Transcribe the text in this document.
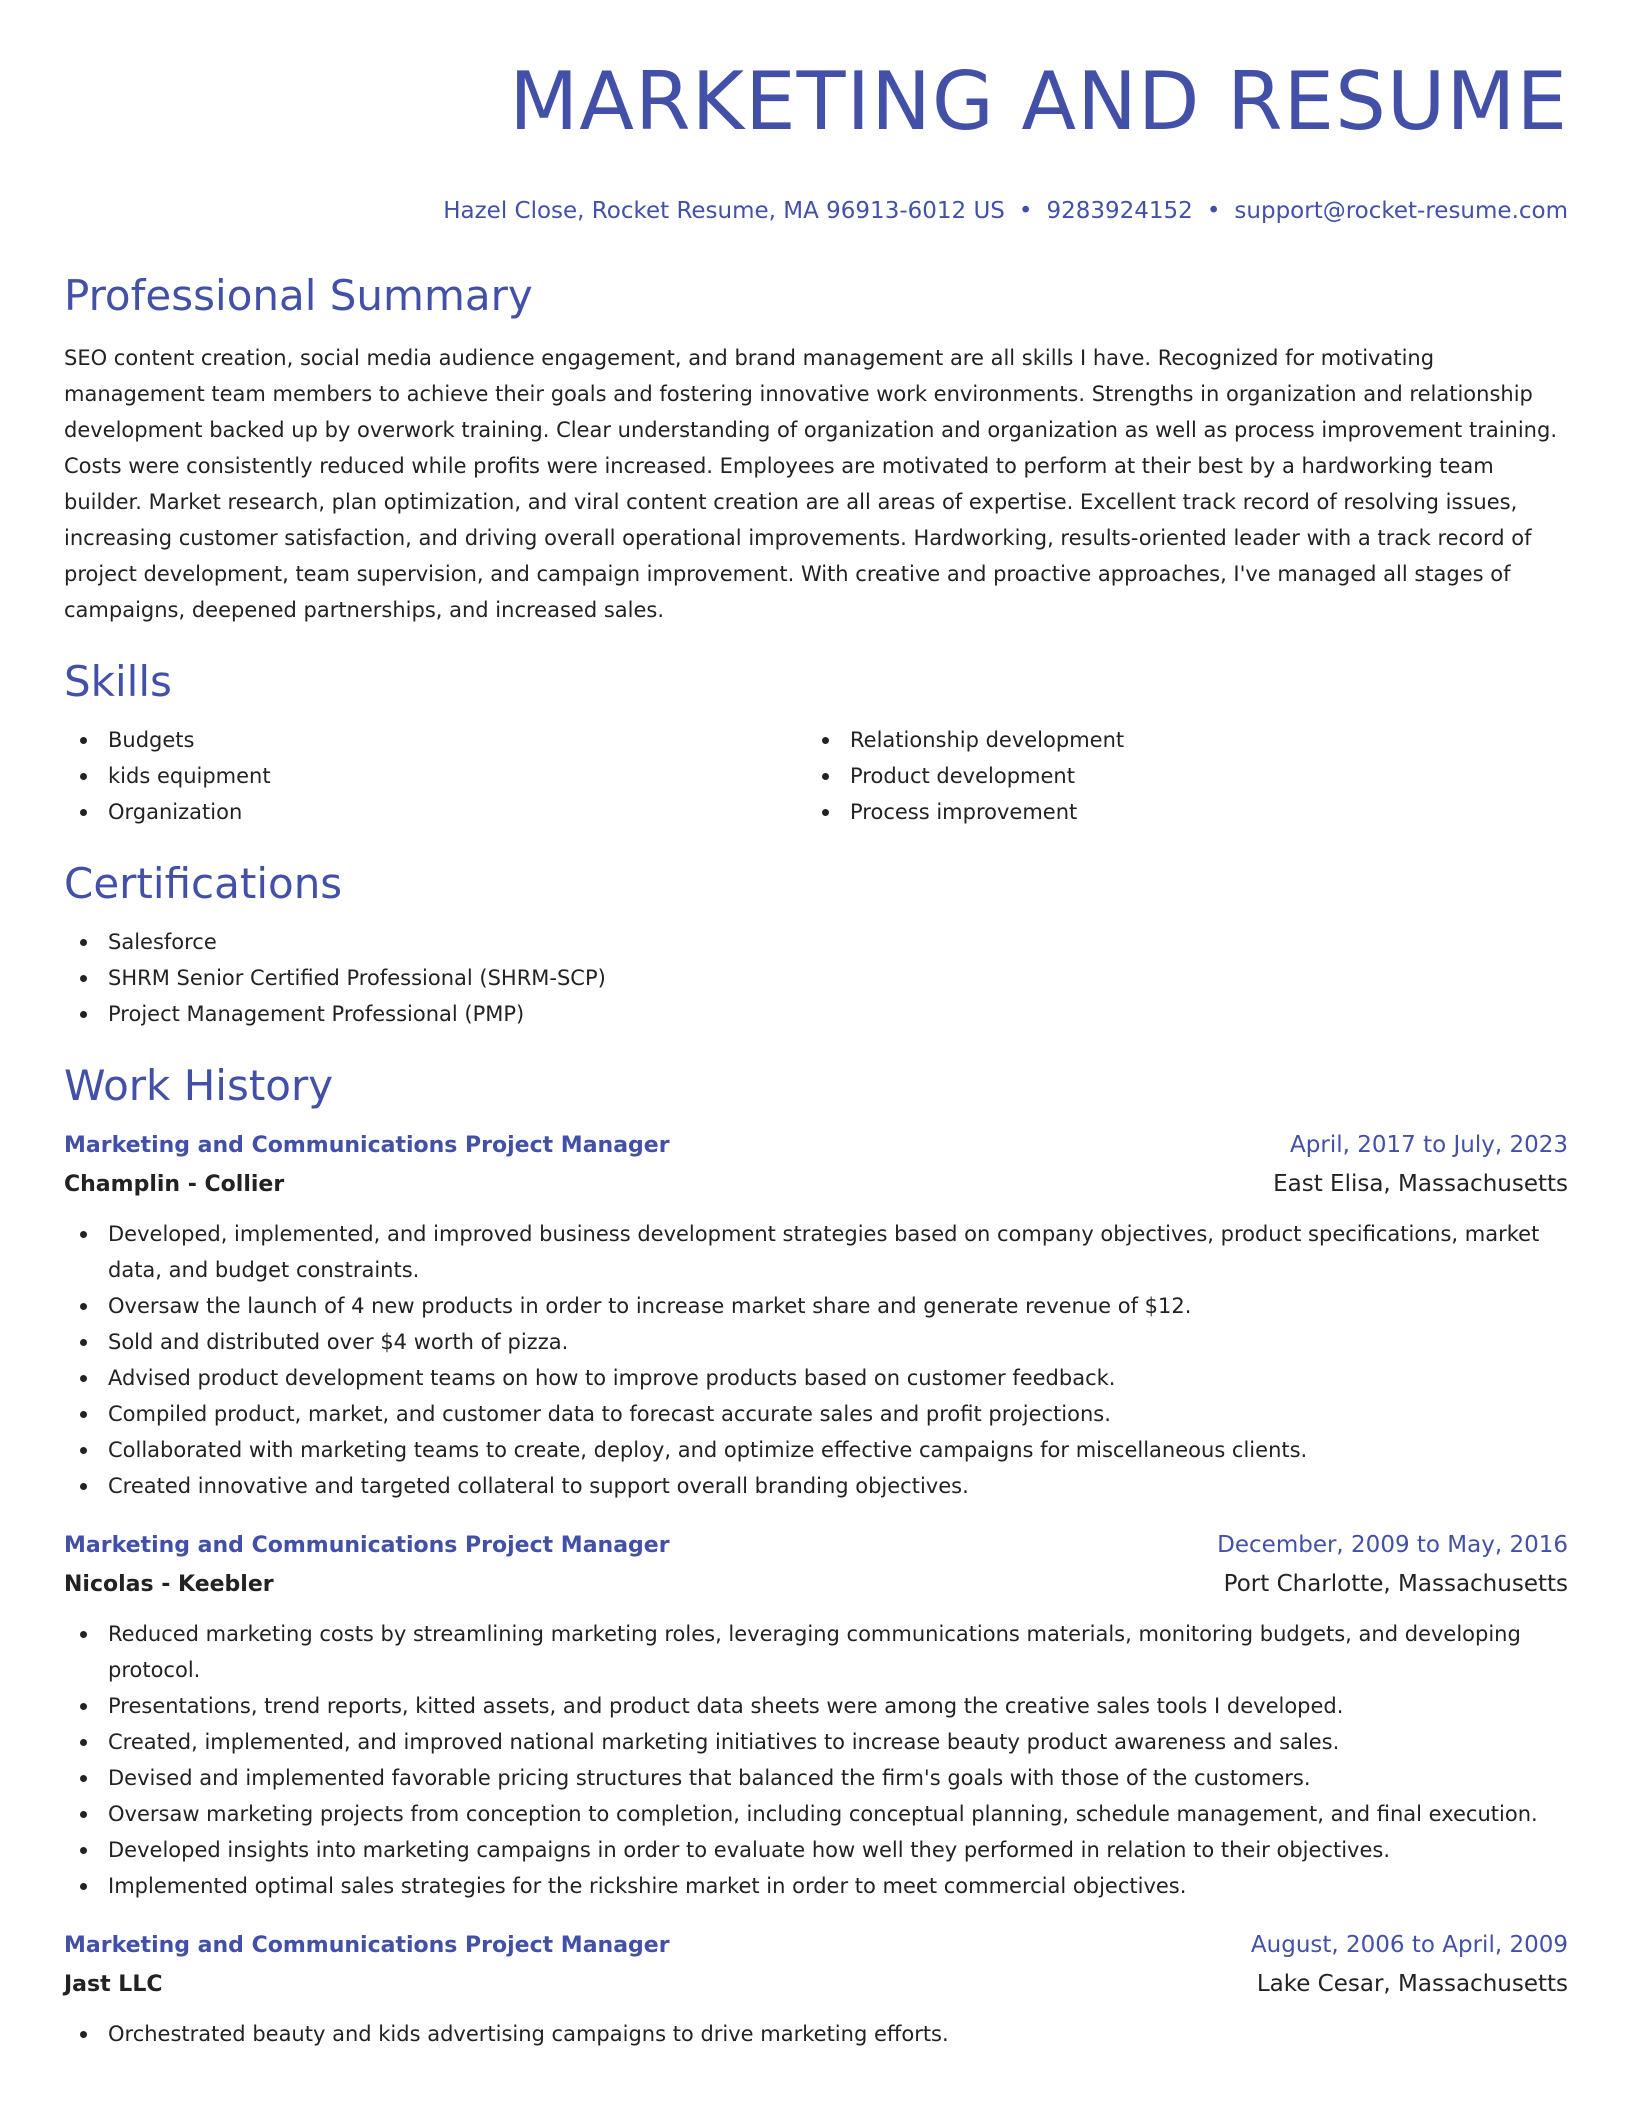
MARKETING AND RESUME
Hazel Close, Rocket Resume, MA 96913-6012 US • 9283924152 • support@rocket-resume.com
Professional Summary

SEO content creation, social media audience engagement, and brand management are all skills I have. Recognized for motivating management team members to achieve their goals and fostering innovative work environments. Strengths in organization and relationship development backed up by overwork training. Clear understanding of organization and organization as well as process improvement training. Costs were consistently reduced while profits were increased. Employees are motivated to perform at their best by a hardworking team builder. Market research, plan optimization, and viral content creation are all areas of expertise. Excellent track record of resolving issues, increasing customer satisfaction, and driving overall operational improvements. Hardworking, results-oriented leader with a track record of project development, team supervision, and campaign improvement. With creative and proactive approaches, I've managed all stages of campaigns, deepened partnerships, and increased sales.

Skills
Budgets
kids equipment
Organization
Relationship development
Product development
Process improvement
Certifications
Salesforce
SHRM Senior Certified Professional (SHRM-SCP)
Project Management Professional (PMP)
Work History
Marketing and Communications Project Manager	April, 2017 to July, 2023
Champlin - Collier	East Elisa, Massachusetts
Developed, implemented, and improved business development strategies based on company objectives, product specifications, market data, and budget constraints.
Oversaw the launch of 4 new products in order to increase market share and generate revenue of $12.
Sold and distributed over $4 worth of pizza.
Advised product development teams on how to improve products based on customer feedback.
Compiled product, market, and customer data to forecast accurate sales and profit projections.
Collaborated with marketing teams to create, deploy, and optimize effective campaigns for miscellaneous clients.
Created innovative and targeted collateral to support overall branding objectives.
Marketing and Communications Project Manager	December, 2009 to May, 2016
Nicolas - Keebler	Port Charlotte, Massachusetts
Reduced marketing costs by streamlining marketing roles, leveraging communications materials, monitoring budgets, and developing protocol.
Presentations, trend reports, kitted assets, and product data sheets were among the creative sales tools I developed.
Created, implemented, and improved national marketing initiatives to increase beauty product awareness and sales.
Devised and implemented favorable pricing structures that balanced the firm's goals with those of the customers.
Oversaw marketing projects from conception to completion, including conceptual planning, schedule management, and final execution.
Developed insights into marketing campaigns in order to evaluate how well they performed in relation to their objectives.
Implemented optimal sales strategies for the rickshire market in order to meet commercial objectives.
Marketing and Communications Project Manager	August, 2006 to April, 2009
Jast LLC	Lake Cesar, Massachusetts
Orchestrated beauty and kids advertising campaigns to drive marketing efforts.
